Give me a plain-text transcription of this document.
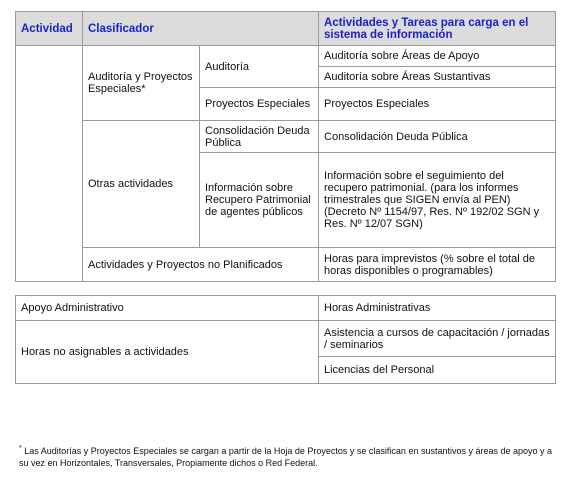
Actividad	Clasificador		Actividades y Tareas para carga en el sistema de información
	Auditoría y Proyectos Especiales*	Auditoría	Auditoría sobre Áreas de Apoyo
			Auditoría sobre Áreas Sustantivas
		Proyectos Especiales	Proyectos Especiales
	Otras actividades	Consolidación Deuda Pública	Consolidación Deuda Pública
		Información sobre Recupero Patrimonial de agentes públicos	Información sobre el seguimiento del recupero patrimonial. (para los informes trimestrales que SIGEN envía al PEN) (Decreto Nº 1154/97, Res. Nº 192/02 SGN y Res. Nº 12/07 SGN)
	Actividades y Proyectos no Planificados		Horas para imprevistos (% sobre el total de horas disponibles o programables)
Apoyo Administrativo	Horas Administrativas
Horas no asignables a actividades	Asistencia a cursos de capacitación / jornadas / seminarios
	Licencias del Personal
* Las Auditorías y Proyectos Especiales se cargan a partir de la Hoja de Proyectos y se clasifican en sustantivos y áreas de apoyo y a su vez en Horizontales, Transversales, Propiamente dichos o Red Federal.
